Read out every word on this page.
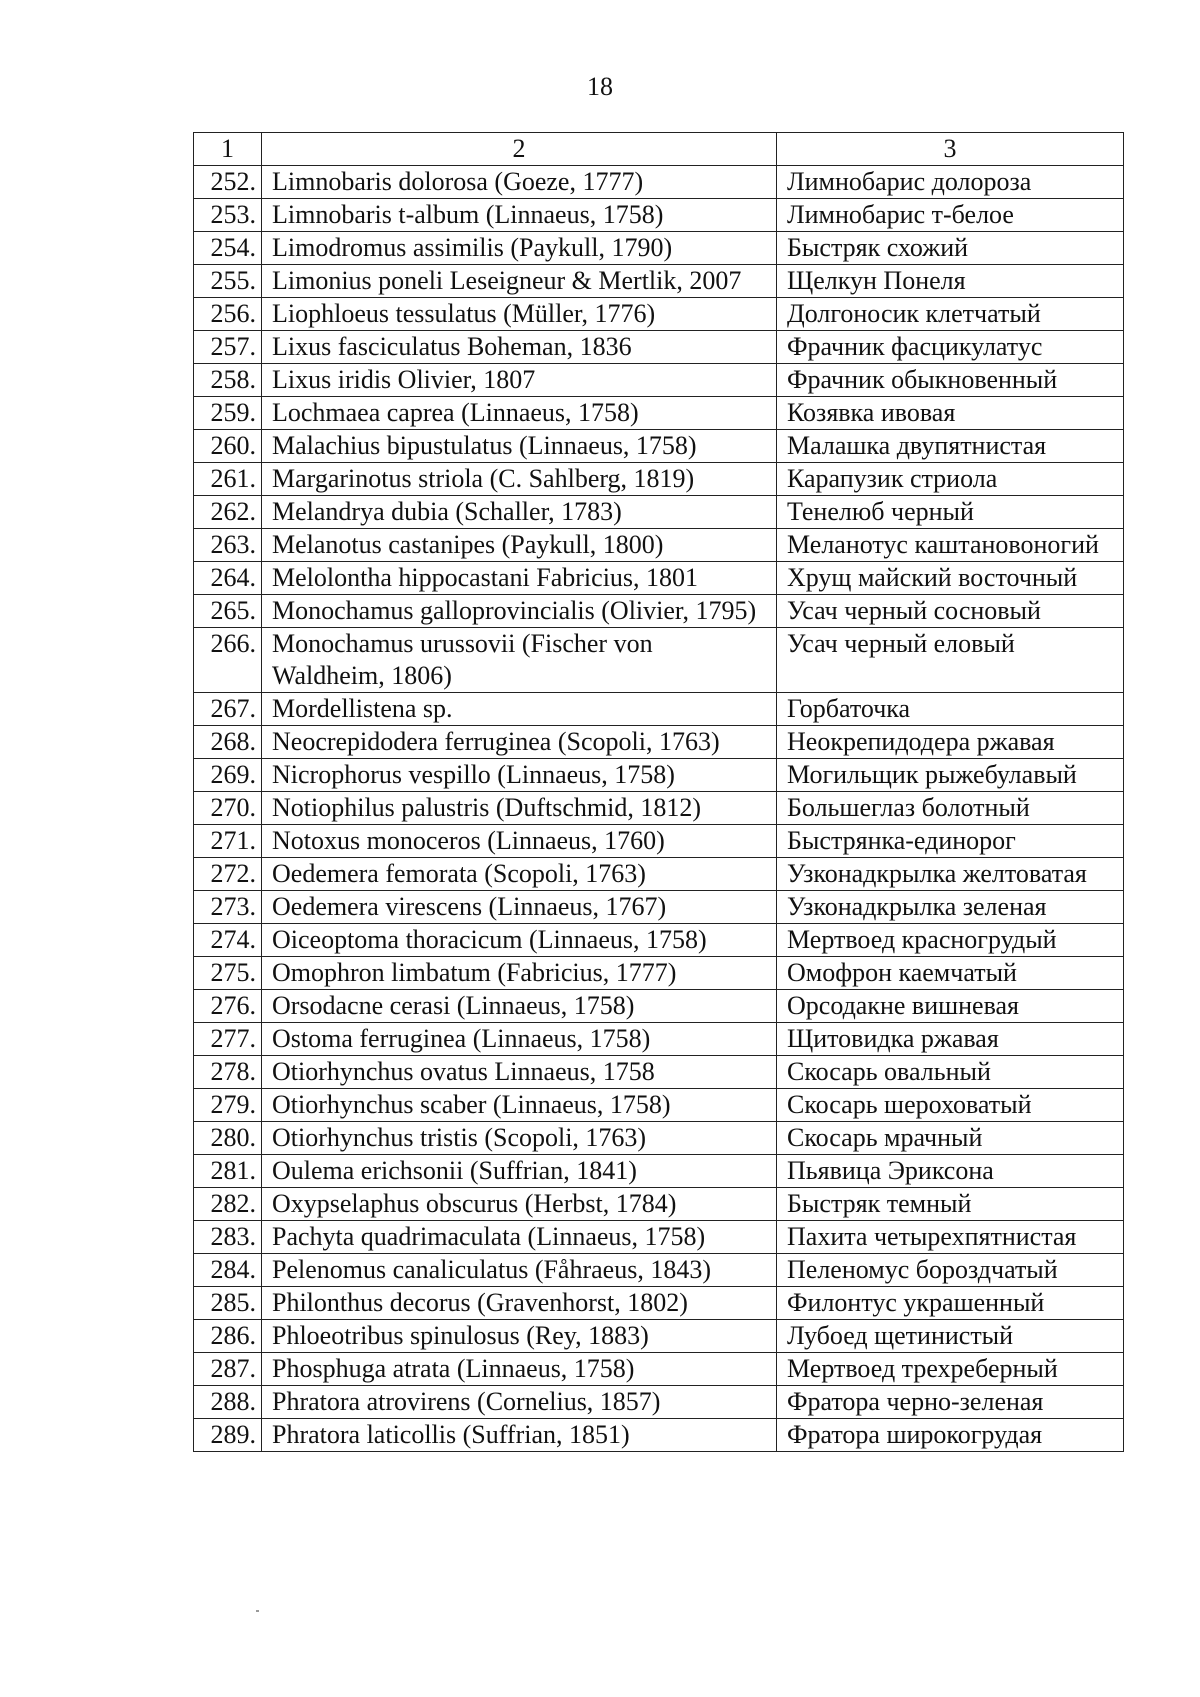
18
1	2	3
252.	Limnobaris dolorosa (Goeze, 1777)	Лимнобарис долороза
253.	Limnobaris t-album (Linnaeus, 1758)	Лимнобарис т-белое
254.	Limodromus assimilis (Paykull, 1790)	Быстряк схожий
255.	Limonius poneli Leseigneur & Mertlik, 2007	Щелкун Понеля
256.	Liophloeus tessulatus (Müller, 1776)	Долгоносик клетчатый
257.	Lixus fasciculatus Boheman, 1836	Фрачник фасцикулатус
258.	Lixus iridis Olivier, 1807	Фрачник обыкновенный
259.	Lochmaea caprea (Linnaeus, 1758)	Козявка ивовая
260.	Malachius bipustulatus (Linnaeus, 1758)	Малашка двупятнистая
261.	Margarinotus striola (C. Sahlberg, 1819)	Карапузик стриола
262.	Melandrya dubia (Schaller, 1783)	Тенелюб черный
263.	Melanotus castanipes (Paykull, 1800)	Меланотус каштановоногий
264.	Melolontha hippocastani Fabricius, 1801	Хрущ майский восточный
265.	Monochamus galloprovincialis (Olivier, 1795)	Усач черный сосновый
266.	Monochamus urussovii (Fischer von Waldheim, 1806)	Усач черный еловый
267.	Mordellistena sp.	Горбаточка
268.	Neocrepidodera ferruginea (Scopoli, 1763)	Неокрепидодера ржавая
269.	Nicrophorus vespillo (Linnaeus, 1758)	Могильщик рыжебулавый
270.	Notiophilus palustris (Duftschmid, 1812)	Большеглаз болотный
271.	Notoxus monoceros (Linnaeus, 1760)	Быстрянка-единорог
272.	Oedemera femorata (Scopoli, 1763)	Узконадкрылка желтоватая
273.	Oedemera virescens (Linnaeus, 1767)	Узконадкрылка зеленая
274.	Oiceoptoma thoracicum (Linnaeus, 1758)	Мертвоед красногрудый
275.	Omophron limbatum (Fabricius, 1777)	Омофрон каемчатый
276.	Orsodacne cerasi (Linnaeus, 1758)	Орсодакне вишневая
277.	Ostoma ferruginea (Linnaeus, 1758)	Щитовидка ржавая
278.	Otiorhynchus ovatus Linnaeus, 1758	Скосарь овальный
279.	Otiorhynchus scaber (Linnaeus, 1758)	Скосарь шероховатый
280.	Otiorhynchus tristis (Scopoli, 1763)	Скосарь мрачный
281.	Oulema erichsonii (Suffrian, 1841)	Пьявица Эриксона
282.	Oxypselaphus obscurus (Herbst, 1784)	Быстряк темный
283.	Pachyta quadrimaculata (Linnaeus, 1758)	Пахита четырехпятнистая
284.	Pelenomus canaliculatus (Fåhraeus, 1843)	Пеленомус бороздчатый
285.	Philonthus decorus (Gravenhorst, 1802)	Филонтус украшенный
286.	Phloeotribus spinulosus (Rey, 1883)	Лубоед щетинистый
287.	Phosphuga atrata (Linnaeus, 1758)	Мертвоед трехреберный
288.	Phratora atrovirens (Cornelius, 1857)	Фратора черно-зеленая
289.	Phratora laticollis (Suffrian, 1851)	Фратора широкогрудая
